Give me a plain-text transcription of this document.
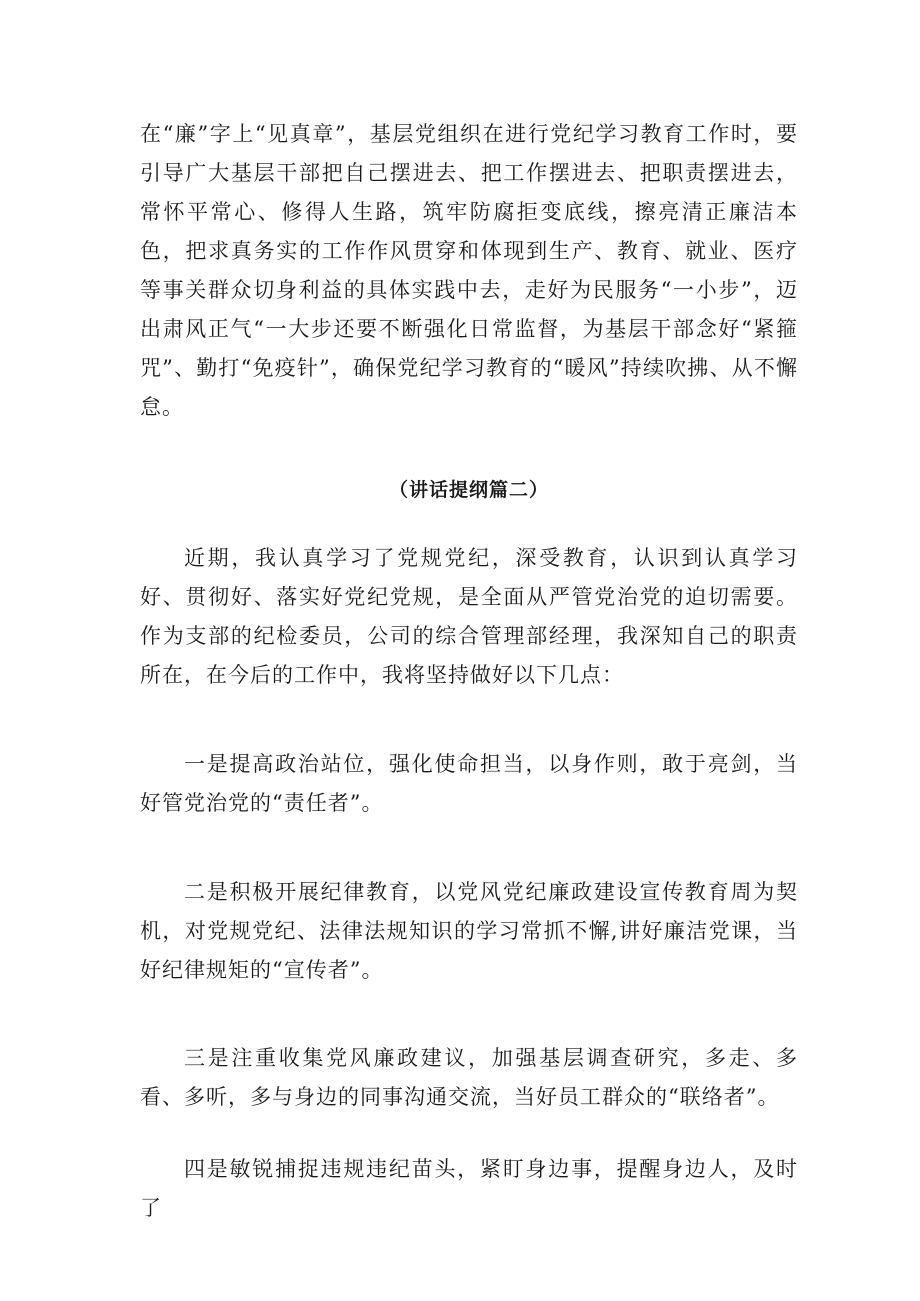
在“廉”字上“见真章”，基层党组织在进行党纪学习教育工作时，要引导广大基层干部把自己摆进去、把工作摆进去、把职责摆进去，常怀平常心、修得人生路，筑牢防腐拒变底线，擦亮清正廉洁本色，把求真务实的工作作风贯穿和体现到生产、教育、就业、医疗等事关群众切身利益的具体实践中去，走好为民服务“一小步”，迈出肃风正气“一大步还要不断强化日常监督，为基层干部念好“紧箍咒”、勤打“免疫针”，确保党纪学习教育的“暖风”持续吹拂、从不懈怠。

（讲话提纲篇二）

近期，我认真学习了党规党纪，深受教育，认识到认真学习好、贯彻好、落实好党纪党规，是全面从严管党治党的迫切需要。作为支部的纪检委员，公司的综合管理部经理，我深知自己的职责所在，在今后的工作中，我将坚持做好以下几点：

一是提高政治站位，强化使命担当，以身作则，敢于亮剑，当好管党治党的“责任者”。

二是积极开展纪律教育，以党风党纪廉政建设宣传教育周为契机，对党规党纪、法律法规知识的学习常抓不懈,讲好廉洁党课，当好纪律规矩的“宣传者”。

三是注重收集党风廉政建议，加强基层调查研究，多走、多看、多听，多与身边的同事沟通交流，当好员工群众的“联络者”。

四是敏锐捕捉违规违纪苗头，紧盯身边事，提醒身边人，及时了
